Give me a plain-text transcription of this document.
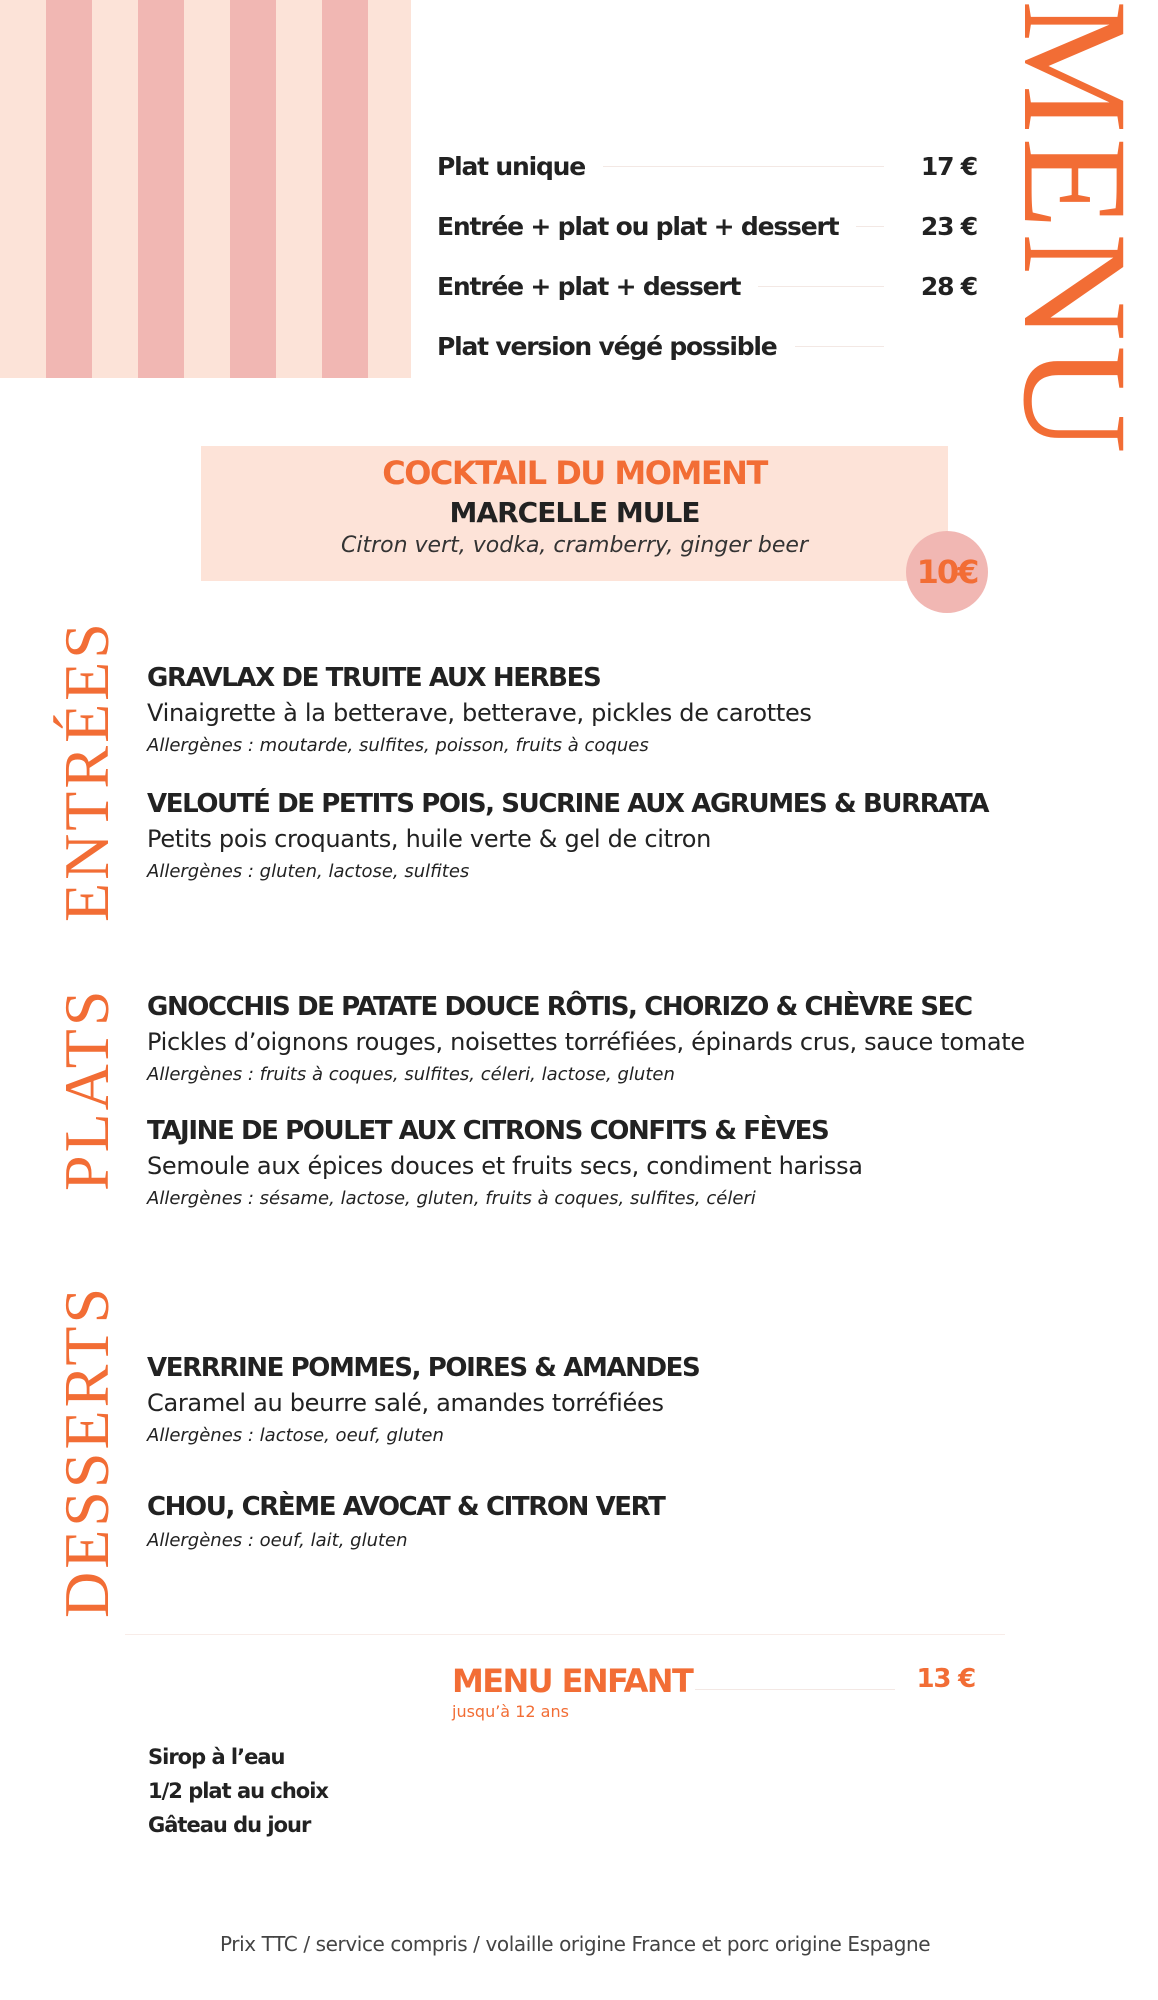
MENU
Plat unique	17 €
Entrée + plat ou plat + dessert	23 €
Entrée + plat + dessert	28 €
Plat version végé possible
COCKTAIL DU MOMENT
MARCELLE MULE
Citron vert, vodka, cramberry, ginger beer
10€
ENTRÉES
PLATS
DESSERTS
GRAVLAX DE TRUITE AUX HERBES
Vinaigrette à la betterave, betterave, pickles de carottes
Allergènes : moutarde, sulfites, poisson, fruits à coques
VELOUTÉ DE PETITS POIS, SUCRINE AUX AGRUMES & BURRATA
Petits pois croquants, huile verte & gel de citron
Allergènes : gluten, lactose, sulfites
GNOCCHIS DE PATATE DOUCE RÔTIS, CHORIZO & CHÈVRE SEC
Pickles d’oignons rouges, noisettes torréfiées, épinards crus, sauce tomate
Allergènes : fruits à coques, sulfites, céleri, lactose, gluten
TAJINE DE POULET AUX CITRONS CONFITS & FÈVES
Semoule aux épices douces et fruits secs, condiment harissa
Allergènes : sésame, lactose, gluten, fruits à coques, sulfites, céleri
VERRRINE POMMES, POIRES & AMANDES
Caramel au beurre salé, amandes torréfiées
Allergènes : lactose, oeuf, gluten
CHOU, CRÈME AVOCAT & CITRON VERT
Allergènes : oeuf, lait, gluten
MENU ENFANT
jusqu’à 12 ans
13 €
Sirop à l’eau
1/2 plat au choix
Gâteau du jour
Prix TTC / service compris / volaille origine France et porc origine Espagne
